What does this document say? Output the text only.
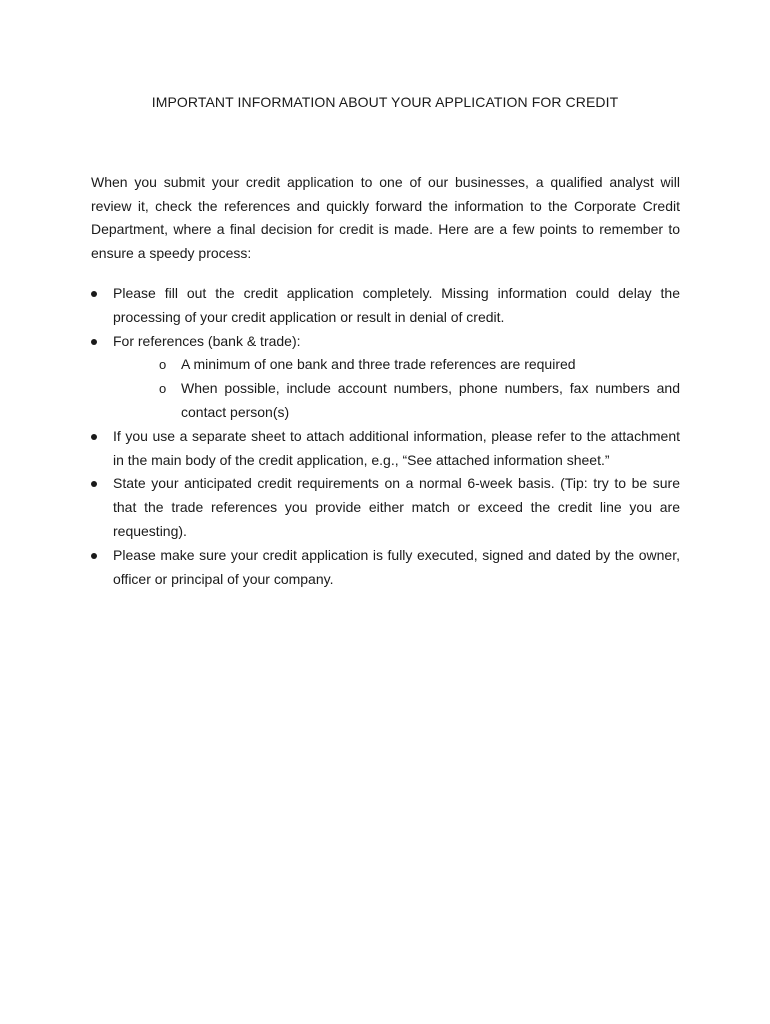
IMPORTANT INFORMATION ABOUT YOUR APPLICATION FOR CREDIT

When you submit your credit application to one of our businesses, a qualified analyst will review it, check the references and quickly forward the information to the Corporate Credit Department, where a final decision for credit is made. Here are a few points to remember to ensure a speedy process:

Please fill out the credit application completely. Missing information could delay the processing of your credit application or result in denial of credit.
For references (bank & trade):
o A minimum of one bank and three trade references are required
o When possible, include account numbers, phone numbers, fax numbers and contact person(s)
If you use a separate sheet to attach additional information, please refer to the attachment in the main body of the credit application, e.g., “See attached information sheet.”
State your anticipated credit requirements on a normal 6-week basis. (Tip: try to be sure that the trade references you provide either match or exceed the credit line you are requesting).
Please make sure your credit application is fully executed, signed and dated by the owner, officer or principal of your company.
